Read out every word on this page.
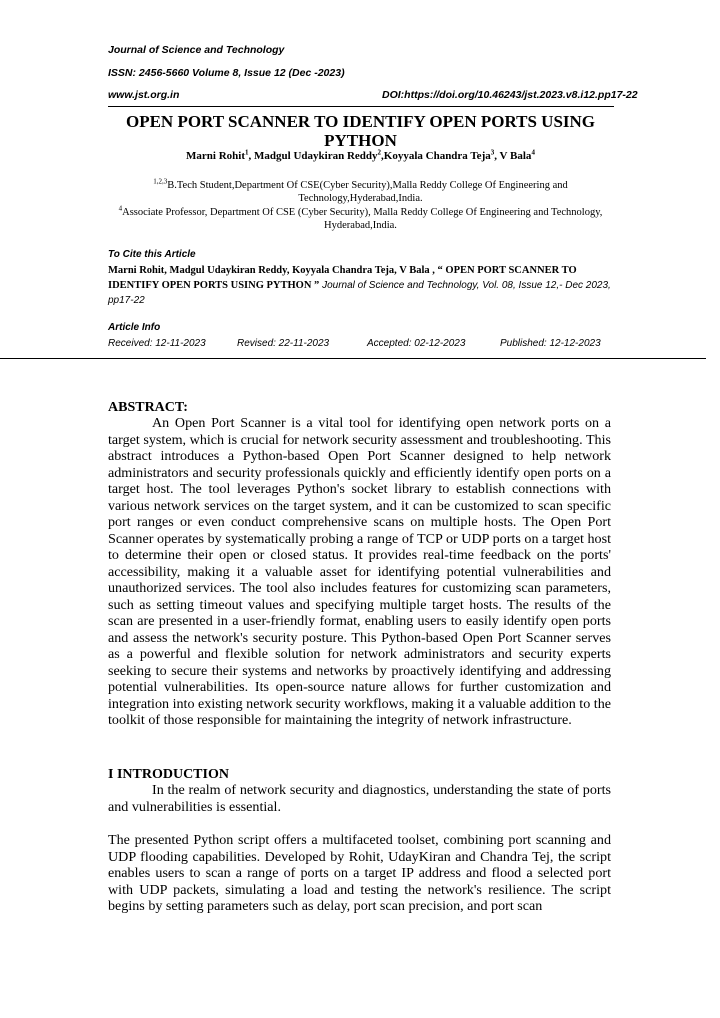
Journal of Science and Technology
ISSN: 2456-5660 Volume 8, Issue 12 (Dec -2023)
www.jst.org.in	DOI:https://doi.org/10.46243/jst.2023.v8.i12.pp17-22
OPEN PORT SCANNER TO IDENTIFY OPEN PORTS USING PYTHON
Marni Rohit$^1$, Madgul Udaykiran Reddy$^2$,Koyyala Chandra Teja$^3$, V Bala$^4$
$^{1,2,3}$B.Tech Student,Department Of CSE(Cyber Security),Malla Reddy College Of Engineering and Technology,Hyderabad,India.
$^4$Associate Professor, Department Of CSE (Cyber Security), Malla Reddy College Of Engineering and Technology, Hyderabad,India.
To Cite this Article
Marni Rohit, Madgul Udaykiran Reddy, Koyyala Chandra Teja, V Bala , “ OPEN PORT SCANNER TO IDENTIFY OPEN PORTS USING PYTHON ” Journal of Science and Technology, Vol. 08, Issue 12,- Dec 2023, pp17-22
Article Info
Received: 12-11-2023	Revised: 22-11-2023	Accepted: 02-12-2023	Published: 12-12-2023
ABSTRACT:

An Open Port Scanner is a vital tool for identifying open network ports on a target system, which is crucial for network security assessment and troubleshooting. This abstract introduces a Python-based Open Port Scanner designed to help network administrators and security professionals quickly and efficiently identify open ports on a target host. The tool leverages Python's socket library to establish connections with various network services on the target system, and it can be customized to scan specific port ranges or even conduct comprehensive scans on multiple hosts. The Open Port Scanner operates by systematically probing a range of TCP or UDP ports on a target host to determine their open or closed status. It provides real-time feedback on the ports' accessibility, making it a valuable asset for identifying potential vulnerabilities and unauthorized services. The tool also includes features for customizing scan parameters, such as setting timeout values and specifying multiple target hosts. The results of the scan are presented in a user-friendly format, enabling users to easily identify open ports and assess the network's security posture. This Python-based Open Port Scanner serves as a powerful and flexible solution for network administrators and security experts seeking to secure their systems and networks by proactively identifying and addressing potential vulnerabilities. Its open-source nature allows for further customization and integration into existing network security workflows, making it a valuable addition to the toolkit of those responsible for maintaining the integrity of network infrastructure.

I INTRODUCTION

In the realm of network security and diagnostics, understanding the state of ports and vulnerabilities is essential.

The presented Python script offers a multifaceted toolset, combining port scanning and UDP flooding capabilities. Developed by Rohit, UdayKiran and Chandra Tej, the script enables users to scan a range of ports on a target IP address and flood a selected port with UDP packets, simulating a load and testing the network's resilience. The script begins by setting parameters such as delay, port scan precision, and port scan
